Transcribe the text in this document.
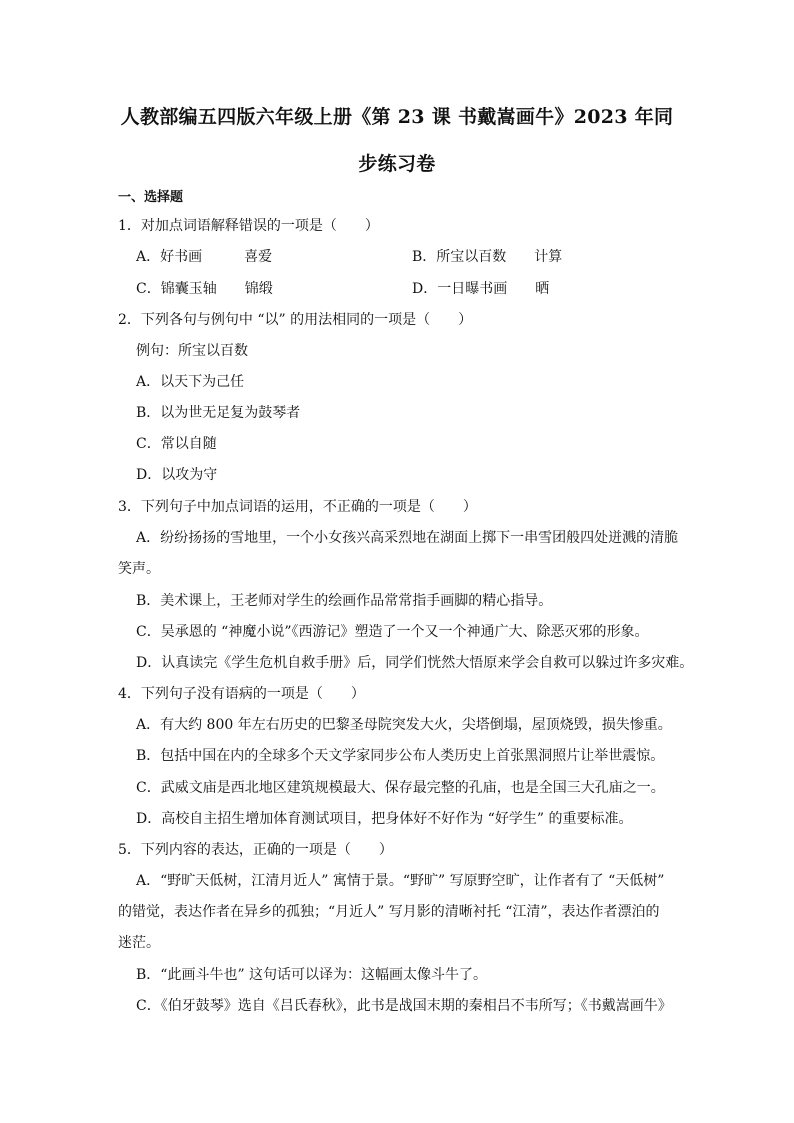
人教部编五四版六年级上册《第 23 课 书戴嵩画牛》2023 年同
步练习卷
一、选择题
1．对加点词语解释错误的一项是（　　）
A．好书画　　　喜爱	B．所宝以百数　　计算
C．锦囊玉轴　　锦缎	D．一日曝书画　　晒
2．下列各句与例句中 “以” 的用法相同的一项是（　　）
例句：所宝以百数
A．以天下为己任
B．以为世无足复为鼓琴者
C．常以自随
D．以攻为守
3．下列句子中加点词语的运用，不正确的一项是（　　）
A．纷纷扬扬的雪地里，一个小女孩兴高采烈地在湖面上掷下一串雪团般四处迸溅的清脆
笑声。
B．美术课上，王老师对学生的绘画作品常常指手画脚的精心指导。
C．吴承恩的 “神魔小说”《西游记》塑造了一个又一个神通广大、除恶灭邪的形象。
D．认真读完《学生危机自救手册》后，同学们恍然大悟原来学会自救可以躲过许多灾难。
4．下列句子没有语病的一项是（　　）
A．有大约 800 年左右历史的巴黎圣母院突发大火，尖塔倒塌，屋顶烧毁，损失惨重。
B．包括中国在内的全球多个天文学家同步公布人类历史上首张黑洞照片让举世震惊。
C．武威文庙是西北地区建筑规模最大、保存最完整的孔庙，也是全国三大孔庙之一。
D．高校自主招生增加体育测试项目，把身体好不好作为 “好学生” 的重要标准。
5．下列内容的表达，正确的一项是（　　）
A．“野旷天低树，江清月近人” 寓情于景。“野旷” 写原野空旷，让作者有了 “天低树”
的错觉，表达作者在异乡的孤独；“月近人” 写月影的清晰衬托 “江清”，表达作者漂泊的
迷茫。
B．“此画斗牛也” 这句话可以译为：这幅画太像斗牛了。
C．《伯牙鼓琴》选自《吕氏春秋》，此书是战国末期的秦相吕不韦所写；《书戴嵩画牛》
